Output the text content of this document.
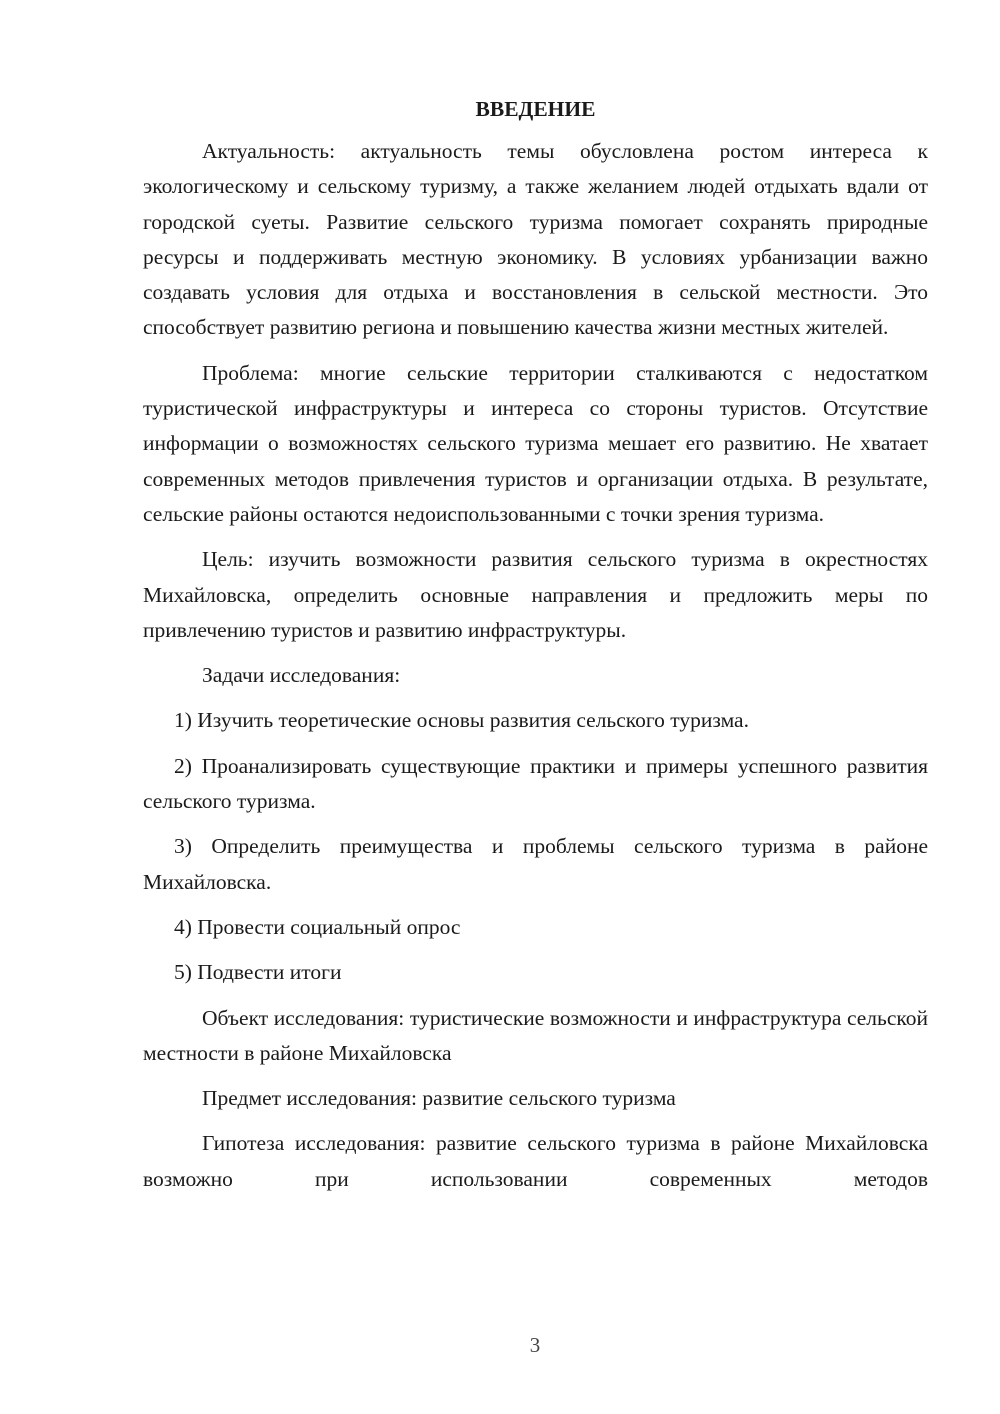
ВВЕДЕНИЕ

Актуальность: актуальность темы обусловлена ростом интереса к экологическому и сельскому туризму, а также желанием людей отдыхать вдали от городской суеты. Развитие сельского туризма помогает сохранять природные ресурсы и поддерживать местную экономику. В условиях урбанизации важно создавать условия для отдыха и восстановления в сельской местности. Это способствует развитию региона и повышению качества жизни местных жителей.

Проблема: многие сельские территории сталкиваются с недостатком туристической инфраструктуры и интереса со стороны туристов. Отсутствие информации о возможностях сельского туризма мешает его развитию. Не хватает современных методов привлечения туристов и организации отдыха. В результате, сельские районы остаются недоиспользованными с точки зрения туризма.

Цель: изучить возможности развития сельского туризма в окрестностях Михайловска, определить основные направления и предложить меры по привлечению туристов и развитию инфраструктуры.

Задачи исследования:

1) Изучить теоретические основы развития сельского туризма.

2) Проанализировать существующие практики и примеры успешного развития сельского туризма.

3) Определить преимущества и проблемы сельского туризма в районе Михайловска.

4) Провести социальный опрос

5) Подвести итоги

Объект исследования: туристические возможности и инфраструктура сельской местности в районе Михайловска

Предмет исследования: развитие сельского туризма

Гипотеза исследования: развитие сельского туризма в районе Михайловска возможно при использовании современных методов

3
